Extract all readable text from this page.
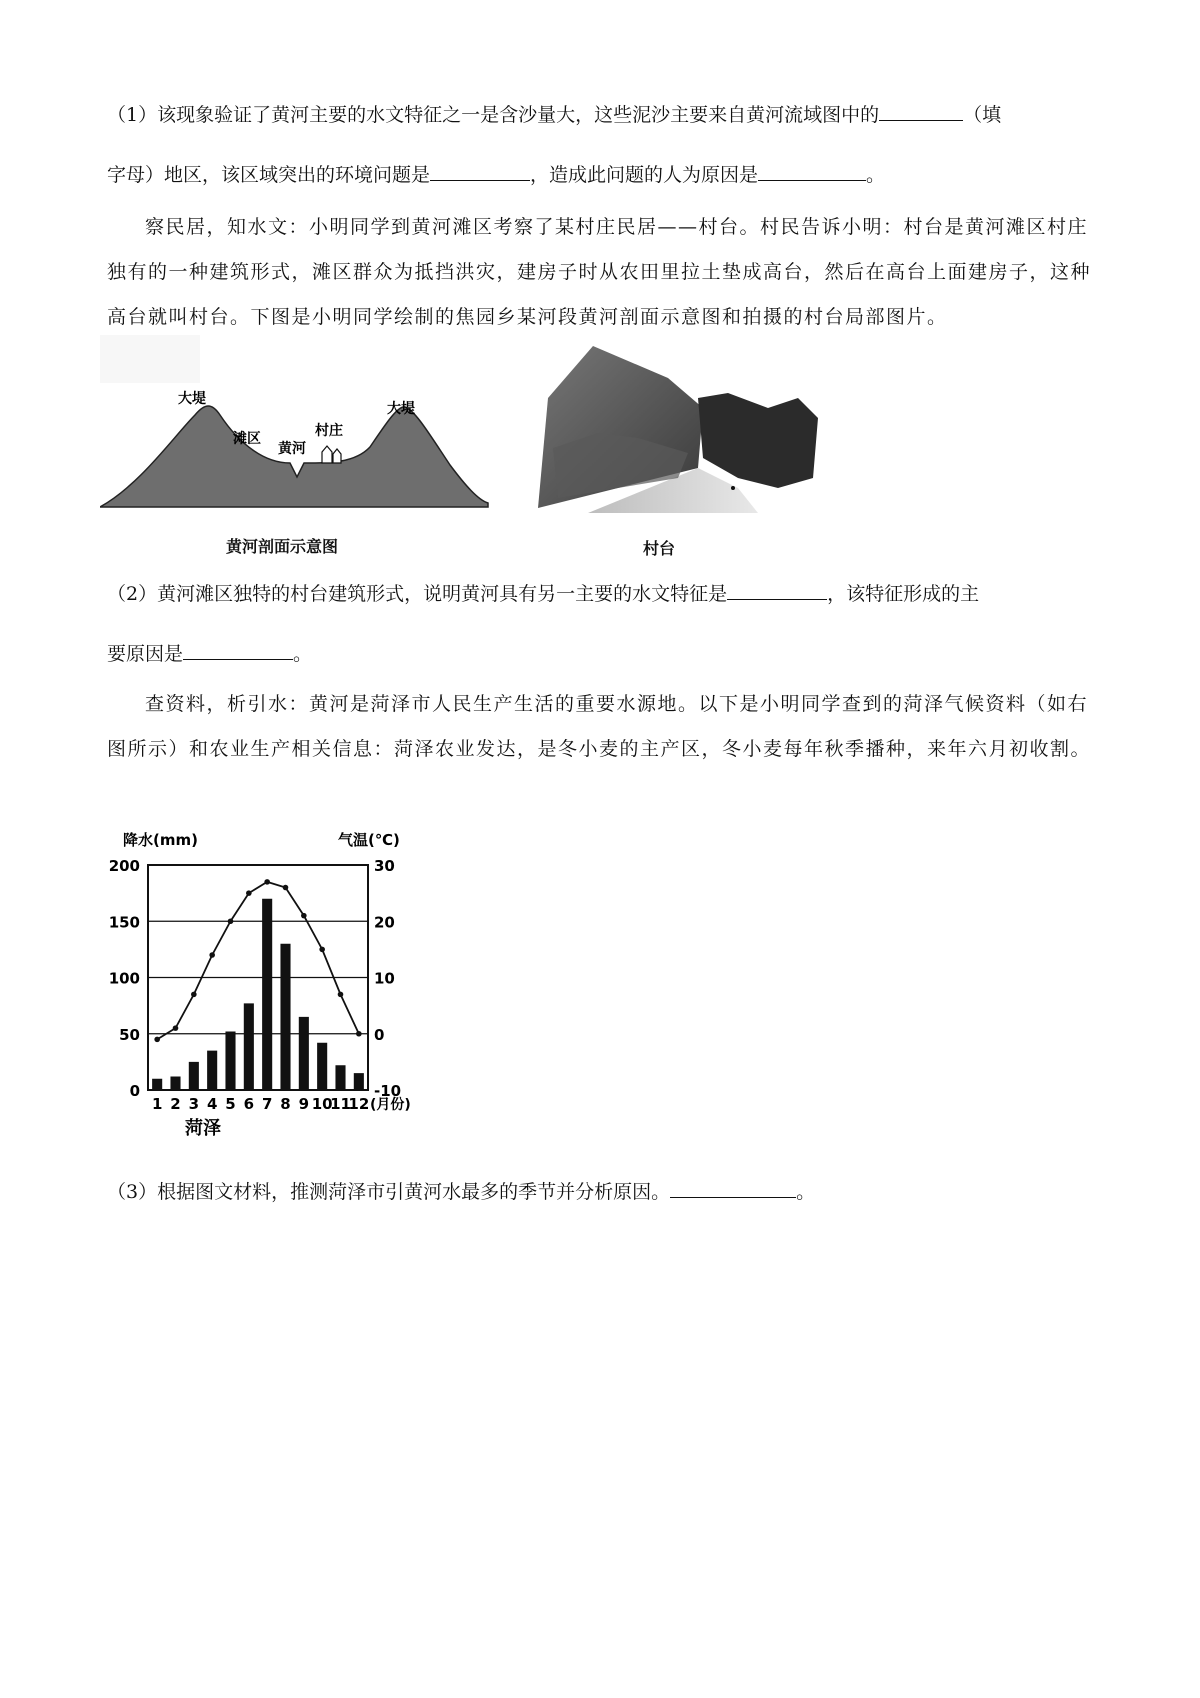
（1）该现象验证了黄河主要的水文特征之一是含沙量大，这些泥沙主要来自黄河流域图中的	（填
字母）地区，该区域突出的环境问题是	，造成此问题的人为原因是	。
察民居，知水文：小明同学到黄河滩区考察了某村庄民居——村台。村民告诉小明：村台是黄河滩区村庄独有的一种建筑形式，滩区群众为抵挡洪灾，建房子时从农田里拉土垫成高台，然后在高台上面建房子，这种高台就叫村台。下图是小明同学绘制的焦园乡某河段黄河剖面示意图和拍摄的村台局部图片。
大堤
大堤
滩区
黄河
村庄
黄河剖面示意图	村台
（2）黄河滩区独特的村台建筑形式，说明黄河具有另一主要的水文特征是	，该特征形成的主
要原因是	。
查资料，析引水：黄河是菏泽市人民生产生活的重要水源地。以下是小明同学查到的菏泽气候资料（如右图所示）和农业生产相关信息：菏泽农业发达，是冬小麦的主产区，冬小麦每年秋季播种，来年六月初收割。
0
50
100
150
200
-10
0
10
20
30
降水(mm)	气温(℃)
1 2 3 4 5 6 7 8 9 10
11
12 (月份)
菏泽
（3）根据图文材料，推测菏泽市引黄河水最多的季节并分析原因。	。
